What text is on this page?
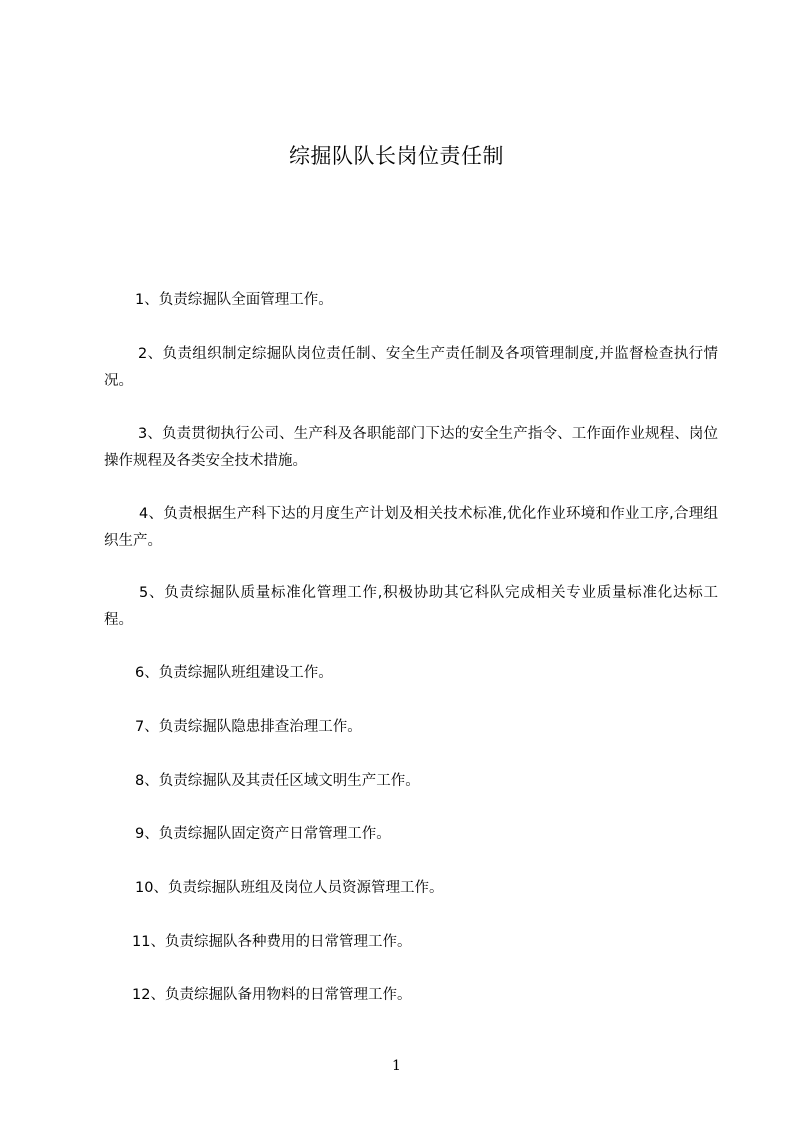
综掘队队长岗位责任制
1、负责综掘队全面管理工作。
2、负责组织制定综掘队岗位责任制、安全生产责任制及各项管理制度,并监督检查执行情况。
3、负责贯彻执行公司、生产科及各职能部门下达的安全生产指令、工作面作业规程、岗位操作规程及各类安全技术措施。
4、负责根据生产科下达的月度生产计划及相关技术标准,优化作业环境和作业工序,合理组织生产。
5、负责综掘队质量标准化管理工作,积极协助其它科队完成相关专业质量标准化达标工程。
6、负责综掘队班组建设工作。
7、负责综掘队隐患排查治理工作。
8、负责综掘队及其责任区域文明生产工作。
9、负责综掘队固定资产日常管理工作。
10、负责综掘队班组及岗位人员资源管理工作。
11、负责综掘队各种费用的日常管理工作。
12、负责综掘队备用物料的日常管理工作。
1
